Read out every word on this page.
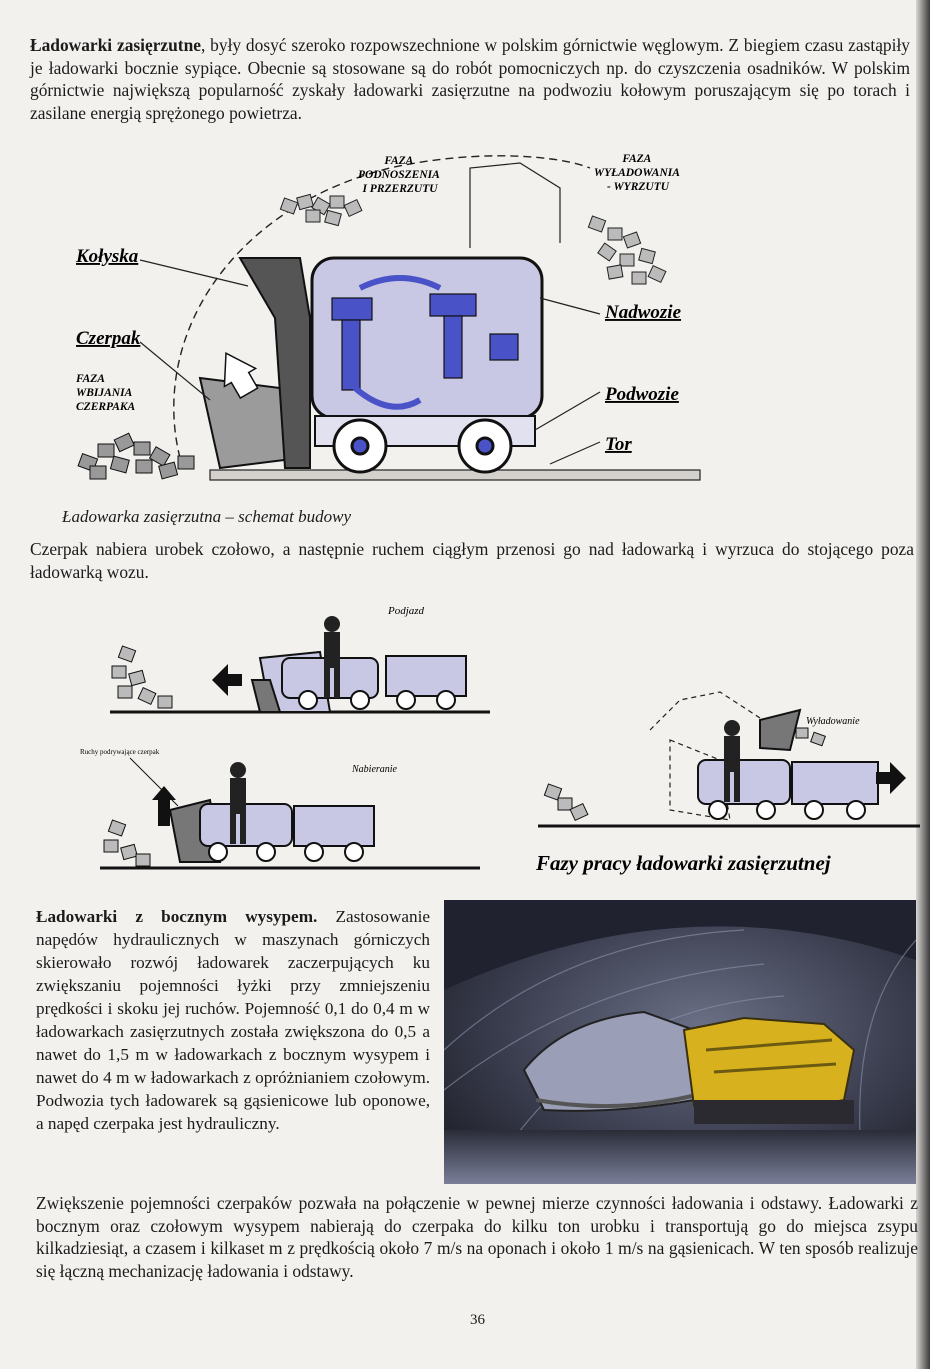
Ładowarki zasięrzutne, były dosyć szeroko rozpowszechnione w polskim górnictwie węglowym. Z biegiem czasu zastąpiły je ładowarki bocznie sypiące. Obecnie są stosowane są do robót pomocniczych np. do czyszczenia osadników. W polskim górnictwie największą popularność zyskały ładowarki zasięrzutne na podwoziu kołowym poruszającym się po torach i zasilane energią sprężonego powietrza.
FAZA PODNOSZENIA I PRZERZUTU
FAZA WYŁADOWANIA - WYRZUTU
FAZA WBIJANIA CZERPAKA
Kołyska
Czerpak
Nadwozie
Podwozie
Tor
Ładowarka zasięrzutna – schemat budowy
Czerpak nabiera urobek czołowo, a następnie ruchem ciągłym przenosi go nad ładowarką i wyrzuca do stojącego poza ładowarką wozu.
Podjazd
Ruchy podrywające czerpak
Nabieranie
Wyładowanie
Fazy pracy ładowarki zasięrzutnej
Ładowarki z bocznym wysypem. Zastosowanie napędów hydraulicznych w maszynach górniczych skierowało rozwój ładowarek zaczerpujących ku zwiększaniu pojemności łyżki przy zmniejszeniu prędkości i skoku jej ruchów. Pojemność 0,1 do 0,4 m w ładowarkach zasięrzutnych została zwiększona do 0,5 a nawet do 1,5 m w ładowarkach z bocznym wysypem i nawet do 4 m w ładowarkach z opróżnianiem czołowym. Podwozia tych ładowarek są gąsienicowe lub oponowe, a napęd czerpaka jest hydrauliczny.
Zwiększenie pojemności czerpaków pozwała na połączenie w pewnej mierze czynności ładowania i odstawy. Ładowarki z bocznym oraz czołowym wysypem nabierają do czerpaka do kilku ton urobku i transportują go do miejsca zsypu kilkadziesiąt, a czasem i kilkaset m z prędkością około 7 m/s na oponach i około 1 m/s na gąsienicach. W ten sposób realizuje się łączną mechanizację ładowania i odstawy.
36
